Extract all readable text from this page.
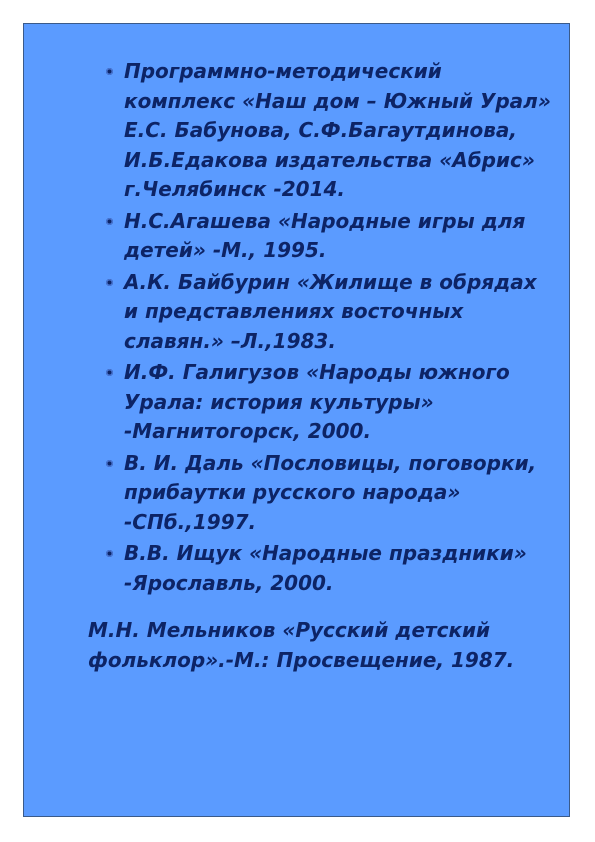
Программно-методический комплекс «Наш дом – Южный Урал» Е.С. Бабунова, С.Ф.Багаутдинова, И.Б.Едакова издательства «Абрис» г.Челябинск -2014.
Н.С.Агашева «Народные игры для детей» -М., 1995.
А.К. Байбурин «Жилище в обрядах и представлениях восточных славян.» –Л.,1983.
И.Ф. Галигузов «Народы южного Урала: история культуры» -Магнитогорск, 2000.
В. И. Даль «Пословицы, поговорки, прибаутки русского народа» -СПб.,1997.
В.В. Ищук «Народные праздники» -Ярославль, 2000.

М.Н. Мельников «Русский детский фольклор».-М.: Просвещение, 1987.
